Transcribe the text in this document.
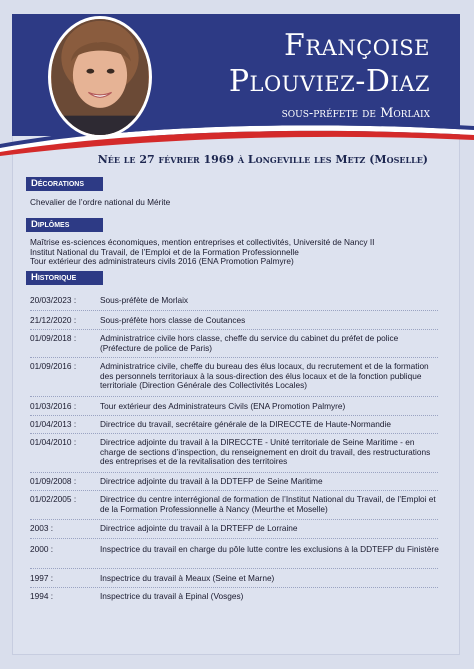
Françoise
Plouviez-Diaz
sous-préfete de Morlaix
Née le 27 février 1969 à Longeville les Metz (Moselle)
Décorations
Chevalier de l’ordre national du Mérite
Diplômes
Maîtrise es-sciences économiques, mention entreprises et collectivités, Université de Nancy II
Institut National du Travail, de l’Emploi et de la Formation Professionnelle
Tour extérieur des administrateurs civils 2016 (ENA Promotion Palmyre)
Historique
20/03/2023 :	Sous-préfète de Morlaix
21/12/2020 :	Sous-préfète hors classe de Coutances
01/09/2018 :	Administratrice civile hors classe, cheffe du service du cabinet du préfet de police (Préfecture de police de Paris)
01/09/2016 :	Administratrice civile, cheffe du bureau des élus locaux, du recrutement et de la formation des personnels territoriaux à la sous-direction des élus locaux et de la fonction publique territoriale (Direction Générale des Collectivités Locales)
01/03/2016 :	Tour extérieur des Administrateurs Civils (ENA Promotion Palmyre)
01/04/2013 :	Directrice du travail, secrétaire générale de la DIRECCTE de Haute-Normandie
01/04/2010 :	Directrice adjointe du travail à la DIRECCTE - Unité territoriale de Seine Maritime - en charge de sections d’inspection, du renseignement en droit du travail, des restructurations des entreprises et de la revitalisation des territoires
01/09/2008 :	Directrice adjointe du travail à la DDTEFP de Seine Maritime
01/02/2005 :	Directrice du centre interrégional de formation de l’Institut National du Travail, de l’Emploi et de la Formation Professionnelle à Nancy (Meurthe et Moselle)
2003 :	Directrice adjointe du travail à la DRTEFP de Lorraine
2000 :	Inspectrice du travail en charge du pôle lutte contre les exclusions à la DDTEFP du Finistère
1997 :	Inspectrice du travail à Meaux (Seine et Marne)
1994 :	Inspectrice du travail à Epinal (Vosges)
